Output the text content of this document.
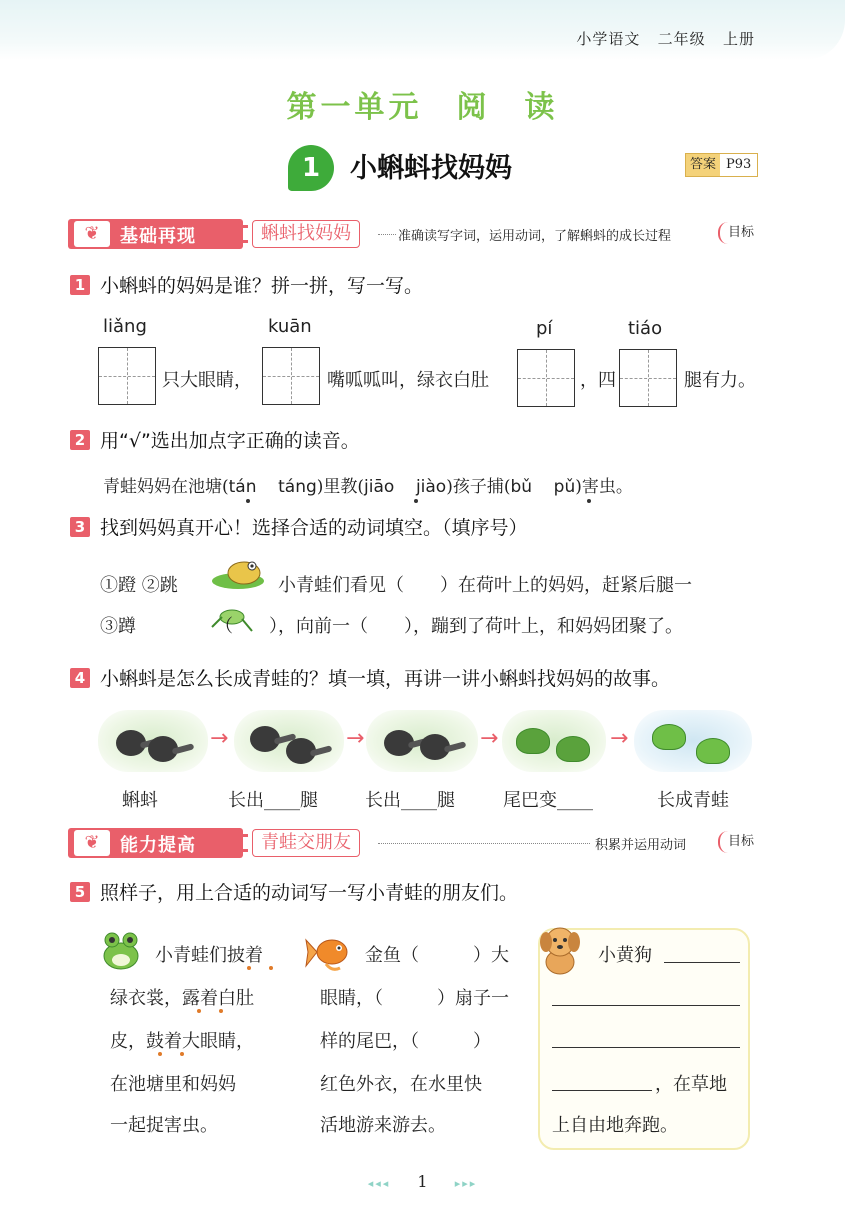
小学语文 二年级 上册
第一单元　阅　读
1	小蝌蚪找妈妈	答案 P93
❦	基础再现	蝌蚪找妈妈	准确读写字词，运用动词，了解蝌蚪的成长过程	目标
1 小蝌蚪的妈妈是谁？拼一拼，写一写。
liǎng	kuān	pí	tiáo
只大眼睛，	嘴呱呱叫，绿衣白肚	，四	腿有力。
2 用“√”选出加点字正确的读音。
青蛙妈妈在池塘(tán táng)里教(jiāo jiào)孩子捕(bǔ pǔ)害虫。
3 找到妈妈真开心！选择合适的动词填空。（填序号）
①蹬 ②跳
③蹲
小青蛙们看见（　　）在荷叶上的妈妈，赶紧后腿一
（　　），向前一（　　），蹦到了荷叶上，和妈妈团聚了。
4 小蝌蚪是怎么长成青蛙的？填一填，再讲一讲小蝌蚪找妈妈的故事。
→	→	→	→
蝌蚪	长出____腿	长出____腿	尾巴变____	长成青蛙
❦	能力提高	青蛙交朋友	积累并运用动词	目标
5 照样子，用上合适的动词写一写小青蛙的朋友们。
小青蛙们披着
绿衣裳，露着白肚
皮，鼓着大眼睛，
在池塘里和妈妈
一起捉害虫。
金鱼（　　　）大
眼睛，（　　　）扇子一
样的尾巴，（　　　）
红色外衣，在水里快
活地游来游去。
小黄狗
，在草地
上自由地奔跑。
◂◂◂ 1 ▸▸▸
